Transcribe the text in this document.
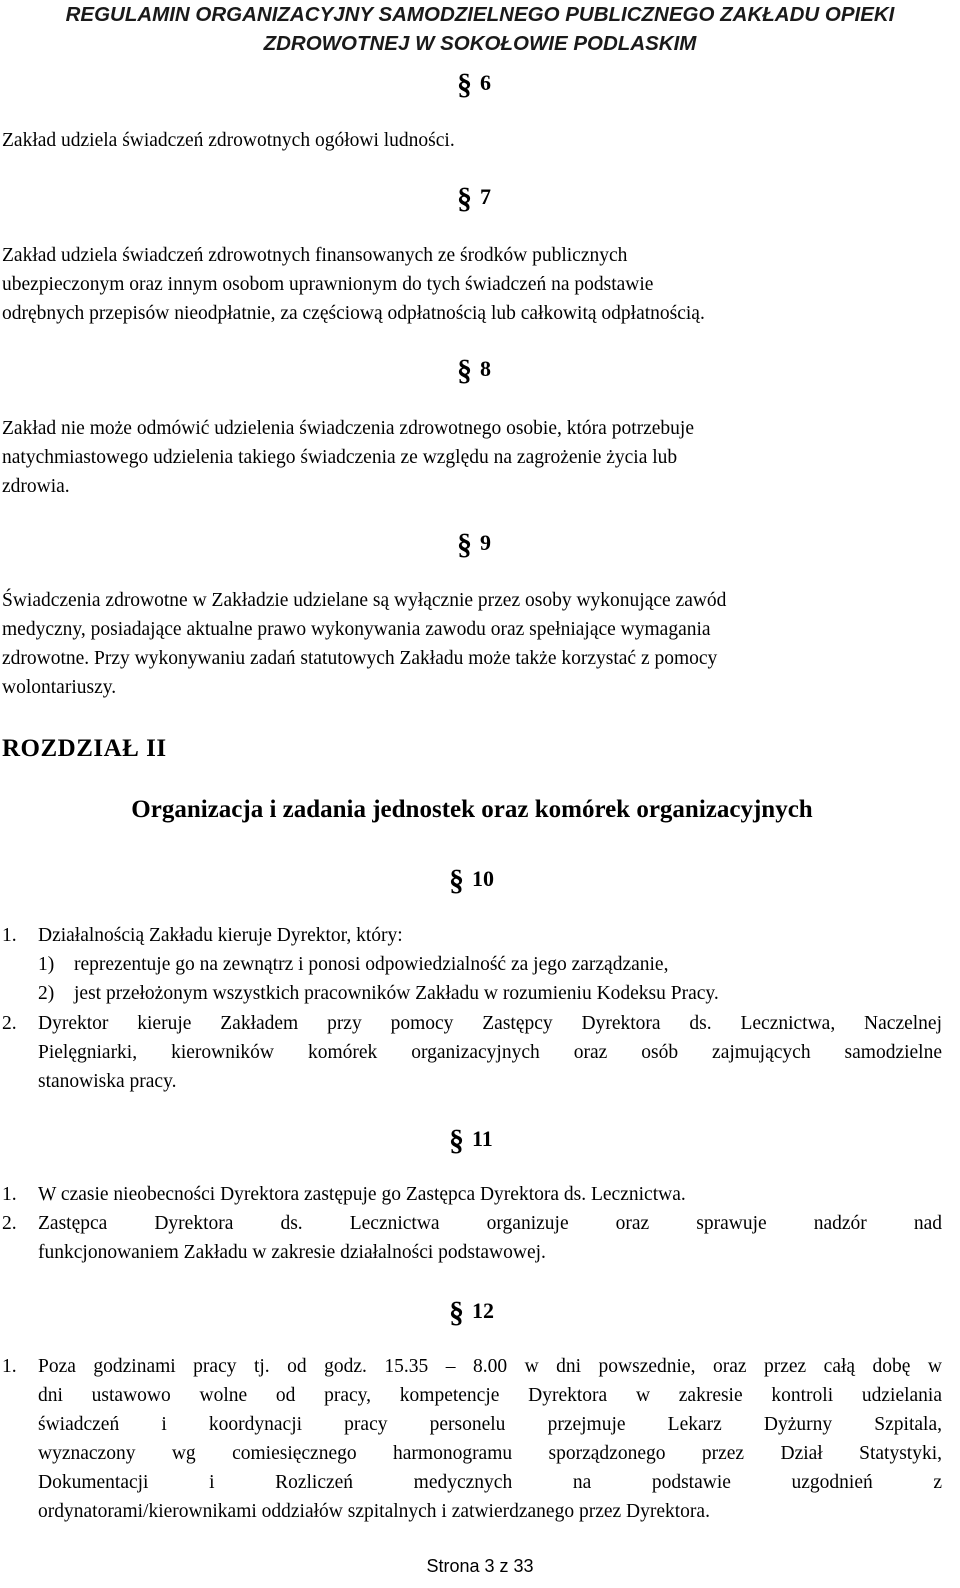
REGULAMIN ORGANIZACYJNY SAMODZIELNEGO PUBLICZNEGO ZAKŁADU OPIEKI
ZDROWOTNEJ W SOKOŁOWIE PODLASKIM
§ 6
Zakład udziela świadczeń zdrowotnych ogółowi ludności.
§ 7
Zakład udziela świadczeń zdrowotnych finansowanych ze środków publicznych
ubezpieczonym oraz innym osobom uprawnionym do tych świadczeń na podstawie
odrębnych przepisów nieodpłatnie, za częściową odpłatnością lub całkowitą odpłatnością.
§ 8
Zakład nie może odmówić udzielenia świadczenia zdrowotnego osobie, która potrzebuje
natychmiastowego udzielenia takiego świadczenia ze względu na zagrożenie życia lub
zdrowia.
§ 9
Świadczenia zdrowotne w Zakładzie udzielane są wyłącznie przez osoby wykonujące zawód
medyczny, posiadające aktualne prawo wykonywania zawodu oraz spełniające wymagania
zdrowotne. Przy wykonywaniu zadań statutowych Zakładu może także korzystać z pomocy
wolontariuszy.
ROZDZIAŁ II
Organizacja i zadania jednostek oraz komórek organizacyjnych
§ 10
1. Działalnością Zakładu kieruje Dyrektor, który:
1) reprezentuje go na zewnątrz i ponosi odpowiedzialność za jego zarządzanie,
2) jest przełożonym wszystkich pracowników Zakładu w rozumieniu Kodeksu Pracy.
2. Dyrektor kieruje Zakładem przy pomocy Zastępcy Dyrektora ds. Lecznictwa, Naczelnej
Pielęgniarki, kierowników komórek organizacyjnych oraz osób zajmujących samodzielne
stanowiska pracy.
§ 11
1. W czasie nieobecności Dyrektora zastępuje go Zastępca Dyrektora ds. Lecznictwa.
2. Zastępca Dyrektora ds. Lecznictwa organizuje oraz sprawuje nadzór nad
funkcjonowaniem Zakładu w zakresie działalności podstawowej.
§ 12
1. Poza godzinami pracy tj. od godz. 15.35 – 8.00 w dni powszednie, oraz przez całą dobę w
dni ustawowo wolne od pracy, kompetencje Dyrektora w zakresie kontroli udzielania
świadczeń i koordynacji pracy personelu przejmuje Lekarz Dyżurny Szpitala,
wyznaczony wg comiesięcznego harmonogramu sporządzonego przez Dział Statystyki,
Dokumentacji i Rozliczeń medycznych na podstawie uzgodnień z
ordynatorami/kierownikami oddziałów szpitalnych i zatwierdzanego przez Dyrektora.
Strona 3 z 33
